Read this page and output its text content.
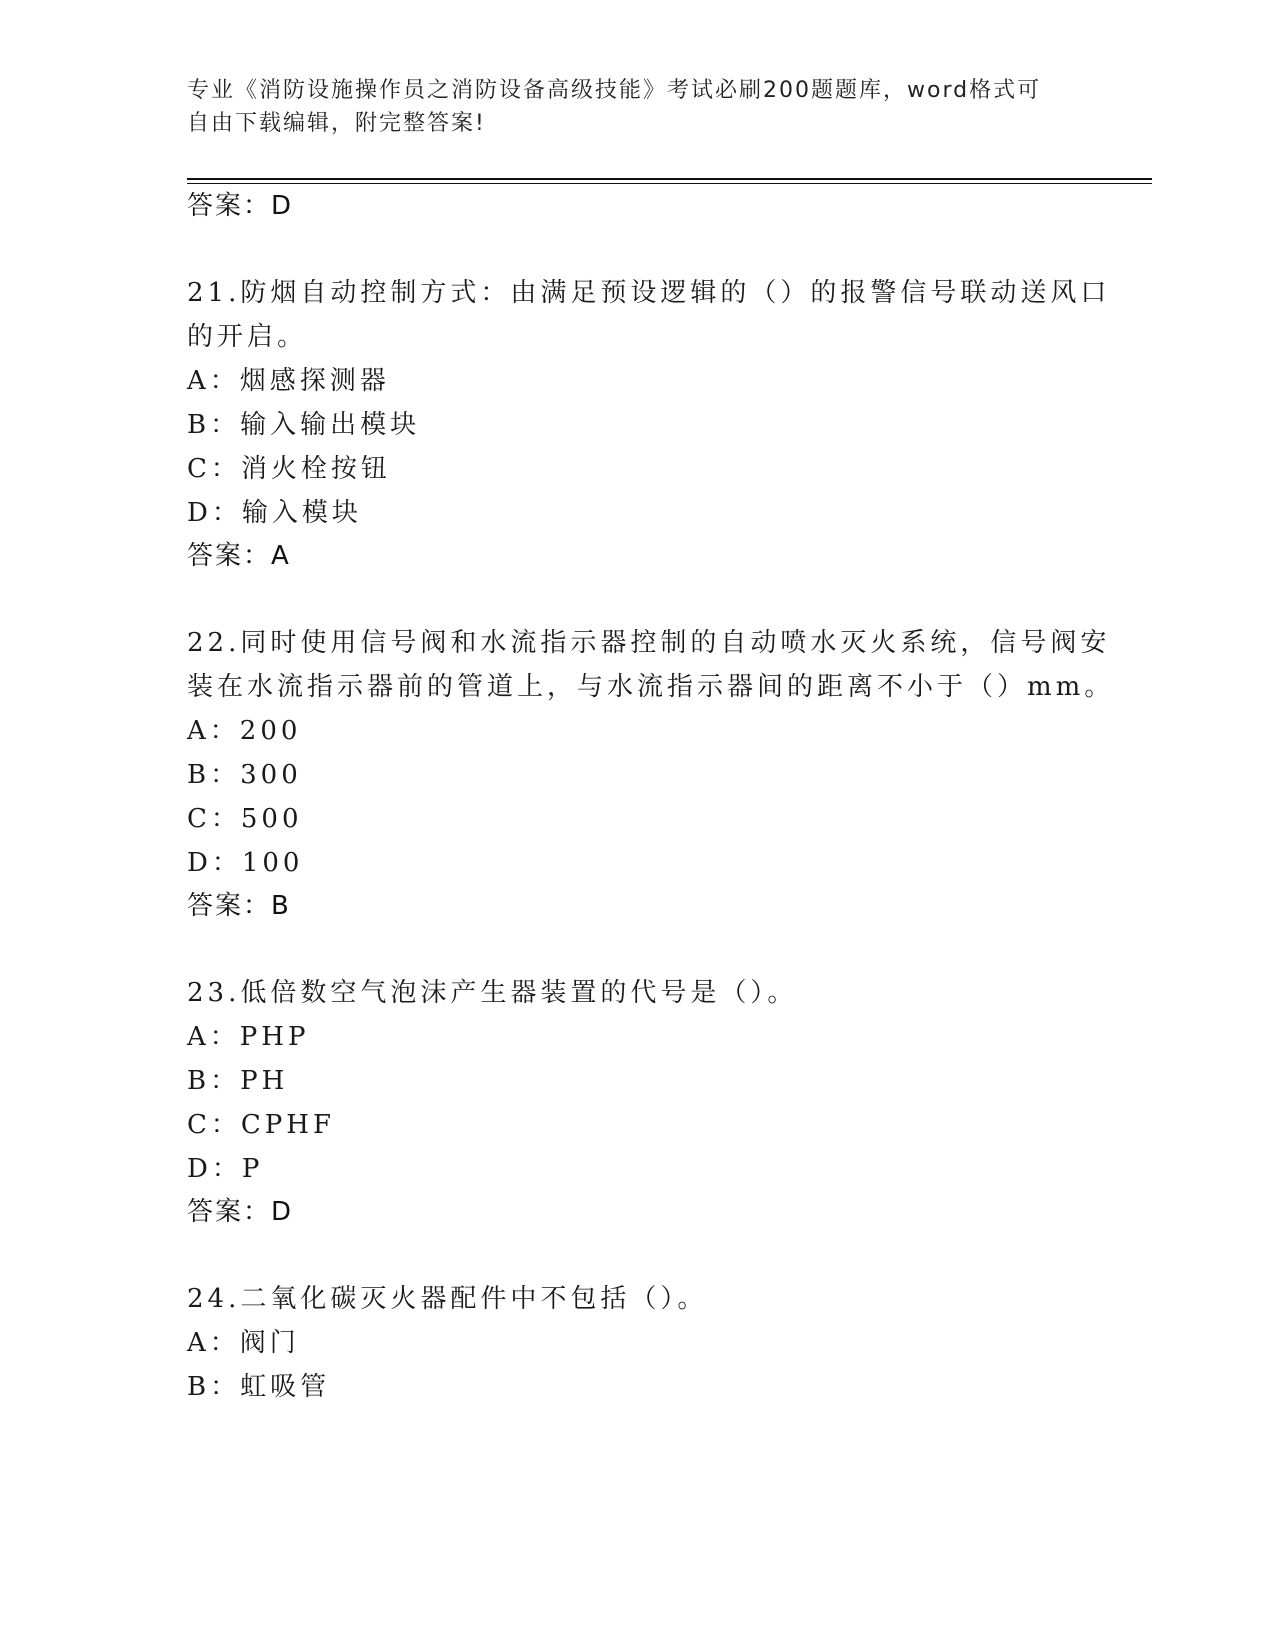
专业《消防设施操作员之消防设备高级技能》考试必刷200题题库，word格式可
自由下载编辑，附完整答案!
答案：D
21.防烟自动控制方式：由满足预设逻辑的（）的报警信号联动送风口
的开启。
A：烟感探测器
B：输入输出模块
C：消火栓按钮
D：输入模块
答案：A
22.同时使用信号阀和水流指示器控制的自动喷水灭火系统，信号阀安
装在水流指示器前的管道上，与水流指示器间的距离不小于（）mm。
A：200
B：300
C：500
D：100
答案：B
23.低倍数空气泡沫产生器装置的代号是（）。
A：PHP
B：PH
C：CPHF
D：P
答案：D
24.二氧化碳灭火器配件中不包括（）。
A：阀门
B：虹吸管
